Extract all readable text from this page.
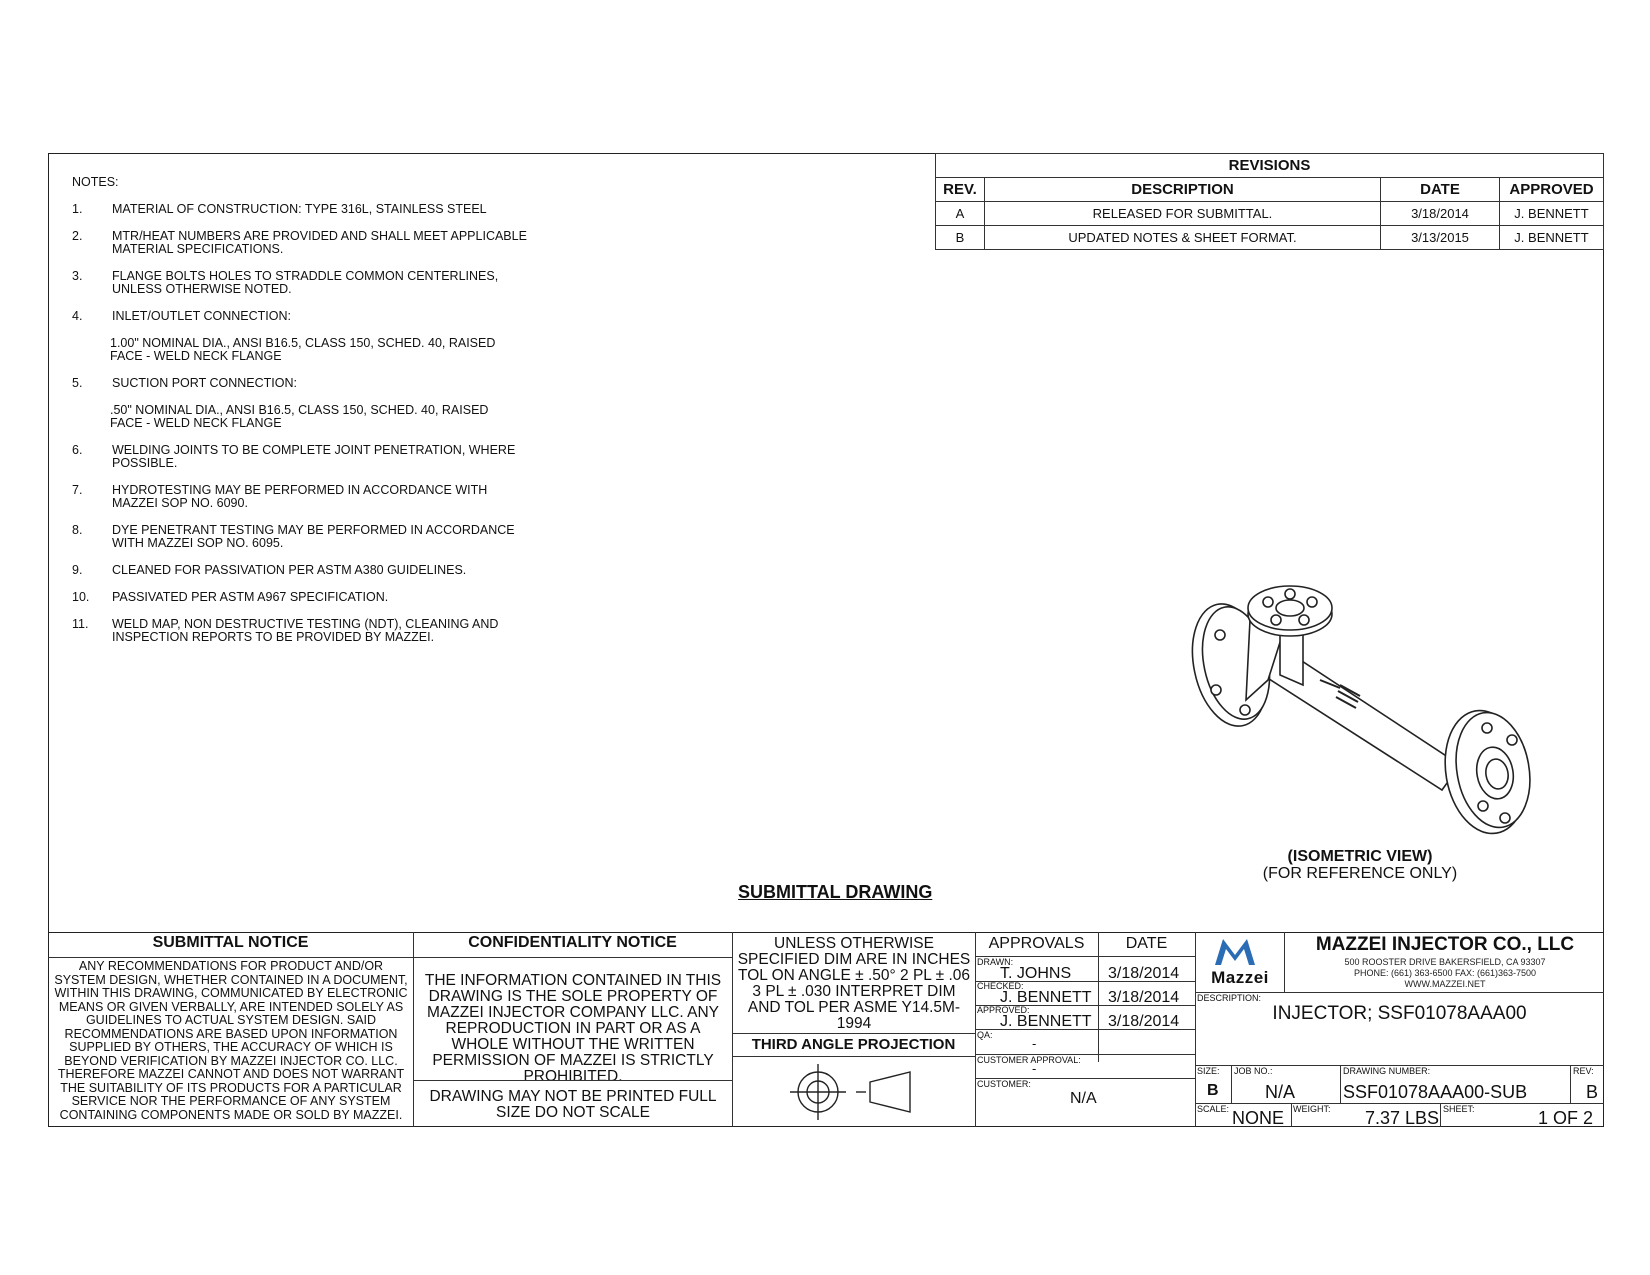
NOTES:
1.	MATERIAL OF CONSTRUCTION: TYPE 316L, STAINLESS STEEL
2.	MTR/HEAT NUMBERS ARE PROVIDED AND SHALL MEET APPLICABLE
MATERIAL SPECIFICATIONS.
3.	FLANGE BOLTS HOLES TO STRADDLE COMMON CENTERLINES,
UNLESS OTHERWISE NOTED.
4.	INLET/OUTLET CONNECTION:
1.00" NOMINAL DIA., ANSI B16.5, CLASS 150, SCHED. 40, RAISED
FACE - WELD NECK FLANGE
5.	SUCTION PORT CONNECTION:
.50" NOMINAL DIA., ANSI B16.5, CLASS 150, SCHED. 40, RAISED
FACE - WELD NECK FLANGE
6.	WELDING JOINTS TO BE COMPLETE JOINT PENETRATION, WHERE
POSSIBLE.
7.	HYDROTESTING MAY BE PERFORMED IN ACCORDANCE WITH
MAZZEI SOP NO. 6090.
8.	DYE PENETRANT TESTING MAY BE PERFORMED IN ACCORDANCE
WITH MAZZEI SOP NO. 6095.
9.	CLEANED FOR PASSIVATION PER ASTM A380 GUIDELINES.
10.	PASSIVATED PER ASTM A967 SPECIFICATION.
11.	WELD MAP, NON DESTRUCTIVE TESTING (NDT), CLEANING AND
INSPECTION REPORTS TO BE PROVIDED BY MAZZEI.
REVISIONS			
REV.	DESCRIPTION	DATE	APPROVED
A	RELEASED FOR SUBMITTAL.	3/18/2014	J. BENNETT
B	UPDATED NOTES & SHEET FORMAT.	3/13/2015	J. BENNETT
(ISOMETRIC VIEW)
(FOR REFERENCE ONLY)
SUBMITTAL DRAWING
SUBMITTAL NOTICE
ANY RECOMMENDATIONS FOR PRODUCT AND/OR SYSTEM DESIGN, WHETHER CONTAINED IN A DOCUMENT, WITHIN THIS DRAWING, COMMUNICATED BY ELECTRONIC MEANS OR GIVEN VERBALLY, ARE INTENDED SOLELY AS GUIDELINES TO ACTUAL SYSTEM DESIGN. SAID RECOMMENDATIONS ARE BASED UPON INFORMATION SUPPLIED BY OTHERS, THE ACCURACY OF WHICH IS BEYOND VERIFICATION BY MAZZEI INJECTOR CO. LLC. THEREFORE MAZZEI CANNOT AND DOES NOT WARRANT THE SUITABILITY OF ITS PRODUCTS FOR A PARTICULAR SERVICE NOR THE PERFORMANCE OF ANY SYSTEM CONTAINING COMPONENTS MADE OR SOLD BY MAZZEI.
CONFIDENTIALITY NOTICE
THE INFORMATION CONTAINED IN THIS DRAWING IS THE SOLE PROPERTY OF MAZZEI INJECTOR COMPANY LLC. ANY REPRODUCTION IN PART OR AS A WHOLE WITHOUT THE WRITTEN PERMISSION OF MAZZEI IS STRICTLY PROHIBITED.
DRAWING MAY NOT BE PRINTED FULL SIZE DO NOT SCALE
UNLESS OTHERWISE SPECIFIED DIM ARE IN INCHES TOL ON ANGLE ± .50° 2 PL ± .06 3 PL ± .030 INTERPRET DIM AND TOL PER ASME Y14.5M-1994
THIRD ANGLE PROJECTION
APPROVALS	DATE
DRAWN:
T. JOHNS 3/18/2014
CHECKED:
J. BENNETT 3/18/2014
APPROVED:
J. BENNETT 3/18/2014
QA:
-
CUSTOMER APPROVAL:
-
CUSTOMER:
N/A
Mazzei
MAZZEI INJECTOR CO., LLC
500 ROOSTER DRIVE BAKERSFIELD, CA 93307
PHONE: (661) 363-6500 FAX: (661)363-7500
WWW.MAZZEI.NET
DESCRIPTION:
INJECTOR; SSF01078AAA00
SIZE:
B
JOB NO.:
N/A
DRAWING NUMBER:
SSF01078AAA00-SUB
REV:
B
SCALE: NONE WEIGHT: 7.37 LBS SHEET:	1 OF 2
